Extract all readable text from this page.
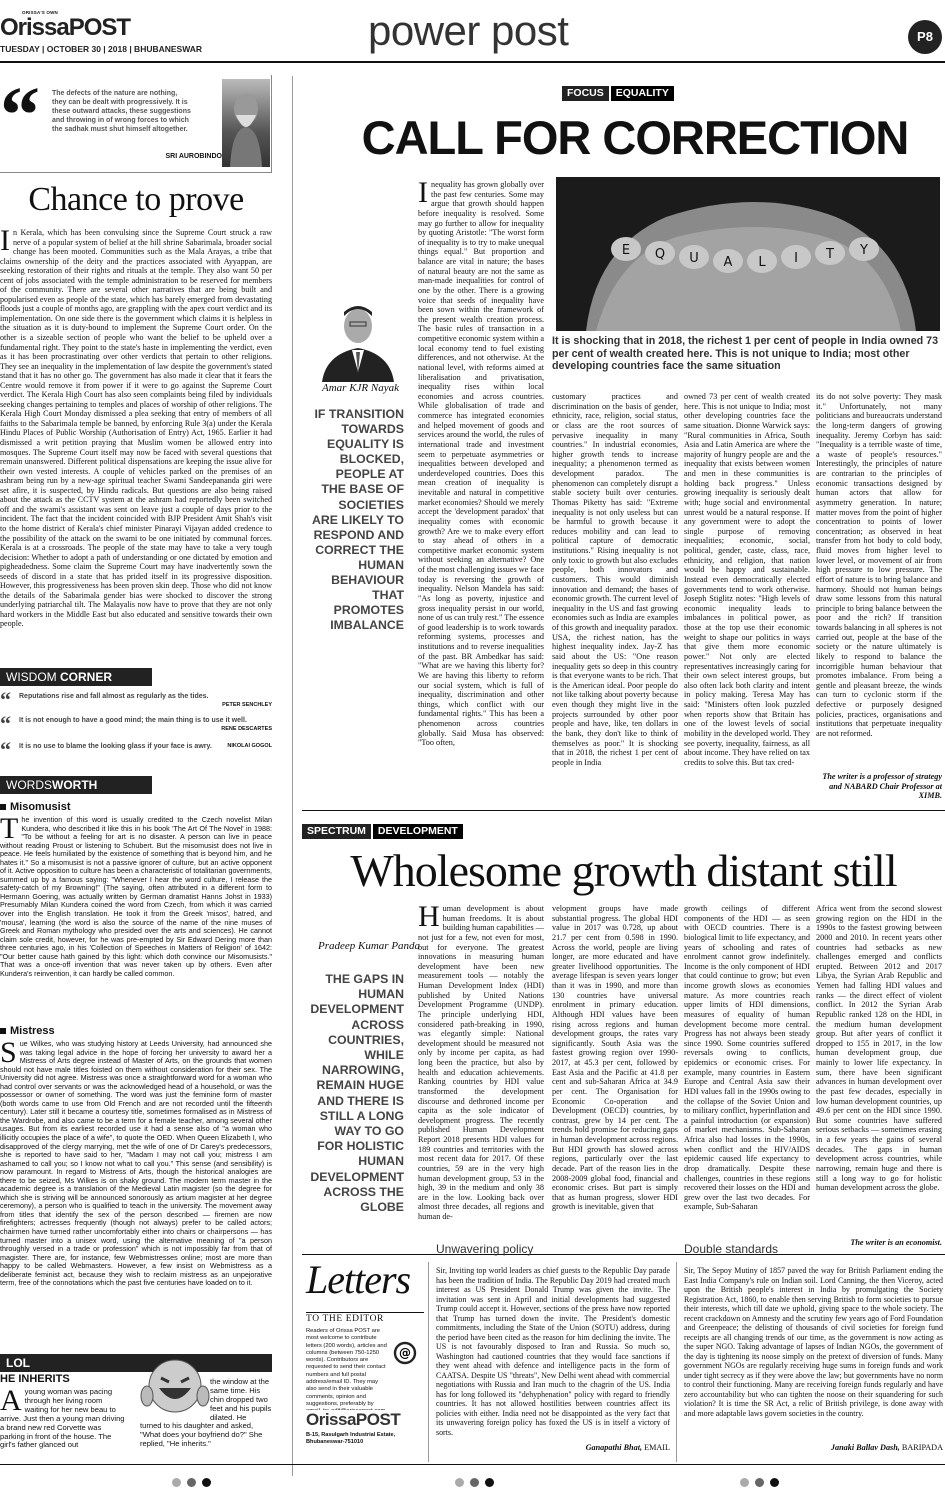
ORISSA'S OWN
OrissaPOST
TUESDAY | OCTOBER 30 | 2018 | BHUBANESWAR	power post	P8
“ The defects of the nature are nothing, they can be dealt with progressively. It is these outward attacks, these suggestions and throwing in of wrong forces to which the sadhak must shut himself altogether.
SRI AUROBINDO
Chance to prove

In Kerala, which has been convulsing since the Supreme Court struck a raw nerve of a popular system of belief at the hill shrine Sabarimala, broader social change has been mooted. Communities such as the Mala Arayas, a tribe that claims ownership of the deity and the practices associated with Ayyappan, are seeking restoration of their rights and rituals at the temple. They also want 50 per cent of jobs associated with the temple administration to be reserved for members of the community. There are several other narratives that are being built and popularised even as people of the state, which has barely emerged from devastating floods just a couple of months ago, are grappling with the apex court verdict and its implementation. On one side there is the government which claims it is helpless in the situation as it is duty-bound to implement the Supreme Court order. On the other is a sizeable section of people who want the belief to be upheld over a fundamental right. They point to the state's haste in implementing the verdict, even as it has been procrastinating over other verdicts that pertain to other religions. They see an inequality in the implementation of law despite the government's stated stand that it has no other go. The government has also made it clear that it fears the Centre would remove it from power if it were to go against the Supreme Court verdict. The Kerala High Court has also seen complaints being filed by individuals seeking changes pertaining to temples and places of worship of other religions. The Kerala High Court Monday dismissed a plea seeking that entry of members of all faiths to the Sabarimala temple be banned, by enforcing Rule 3(a) under the Kerala Hindu Places of Public Worship (Authorisation of Entry) Act, 1965. Earlier it had dismissed a writ petition praying that Muslim women be allowed entry into mosques. The Supreme Court itself may now be faced with several questions that remain unanswered. Different political dispensations are keeping the issue alive for their own vested interests. A couple of vehicles parked on the premises of an ashram being run by a new-age spiritual teacher Swami Sandeepananda giri were set afire, it is suspected, by Hindu radicals. But questions are also being raised about the attack as the CCTV system at the ashram had reportedly been switched off and the swami's assistant was sent on leave just a couple of days prior to the incident. The fact that the incident coincided with BJP President Amit Shah's visit to the home district of Kerala's chief minister Pinarayi Vijayan added credence to the possibility of the attack on the swami to be one initiated by communal forces. Kerala is at a crossroads. The people of the state may have to take a very tough decision: Whether to adopt a path of understanding or one dictated by emotion and pigheadedness. Some claim the Supreme Court may have inadvertently sown the seeds of discord in a state that has prided itself in its progressive disposition. However, this progressiveness has been proven skin deep. Those who did not know the details of the Sabarimala gender bias were shocked to discover the strong underlying patriarchal tilt. The Malayalis now have to prove that they are not only hard workers in the Middle East but also educated and sensitive towards their own people.

WISDOM CORNER
“ Reputations rise and fall almost as regularly as the tides.
PETER SENCHLEY
“ It is not enough to have a good mind; the main thing is to use it well.
RENE DESCARTES
“ It is no use to blame the looking glass if your face is awry.	NIKOLAI GOGOL
WORDSWORTH
Misomusist

The invention of this word is usually credited to the Czech novelist Milan Kundera, who described it like this in his book 'The Art Of The Novel' in 1988: "To be without a feeling for art is no disaster. A person can live in peace without reading Proust or listening to Schubert. But the misomusist does not live in peace. He feels humiliated by the existence of something that is beyond him, and he hates it." So a misomusist is not a passive ignorer of culture, but an active opponent of it. Active opposition to culture has been a characteristic of totalitarian governments, summed up by a famous saying: "Whenever I hear the word culture, I release the safety-catch of my Browning!" (The saying, often attributed in a different form to Hermann Goering, was actually written by German dramatist Hanns Johst in 1933) Presumably Milan Kundera coined the word from Czech, from which it was carried over into the English translation. He took it from the Greek 'misos', hatred, and 'mousa', learning (the word is also the source of the name of the nine muses of Greek and Roman mythology who presided over the arts and sciences). He cannot claim sole credit, however, for he was pre-empted by Sir Edward Dering more than three centuries ago, in his 'Collection of Speeches in Matters of Religion' of 1642: "Our better cause hath gained by this light: which doth convince our Misomusists." That was a once-off invention that was never taken up by others. Even after Kundera's reinvention, it can hardly be called common.

Mistress

Sue Wilkes, who was studying history at Leeds University, had announced she was taking legal advice in the hope of forcing her university to award her a Mistress of Arts degree instead of Master of Arts, on the grounds that women should not have male titles foisted on them without consideration for their sex. The University did not agree. Mistress was once a straightforward word for a woman who had control over servants or was the acknowledged head of a household, or was the possessor or owner of something. The word was just the feminine form of master (both words came to use from Old French and are not recorded until the fifteenth century). Later still it became a courtesy title, sometimes formalised as in Mistress of the Wardrobe, and also came to be a term for a female teacher, among several other usages. But from its earliest recorded use it had a sense also of "a woman who illicitly occupies the place of a wife", to quote the OED. When Queen Elizabeth I, who disapproved of the clergy marrying, met the wife of one of Dr Carey's predecessors, she is reported to have said to her, "Madam I may not call you; mistress I am ashamed to call you; so I know not what to call you." This sense (and sensibility) is now paramount. In regard to Mistress of Arts, though the historical analogies are there to be seized, Ms Wilkes is on shaky ground. The modern term master in the academic degree is a translation of the Medieval Latin magister (so the degree for which she is striving will be announced sonorously as artium magister at her degree ceremony), a person who is qualified to teach in the university. The movement away from titles that identify the sex of the person described — firemen are now firefighters; actresses frequently (though not always) prefer to be called actors; chairmen have turned rather uncomfortably either into chairs or chairpersons — has turned master into a unisex word, using the alternative meaning of "a person throughly versed in a trade or profession" which is not impossibly far from that of magister. There are, for instance, few Webmistresses online; most are more than happy to be called Webmasters. However, a few insist on Webmistress as a deliberate feminist act, because they wish to reclaim mistress as an unpejorative term, free of the connotations which the past five centuries have loaded on to it.

LOL
HE INHERITS

Ayoung woman was pacing through her living room waiting for her new beau to arrive. Just then a young man driving a brand new red Corvette was parking in front of the house. The girl's father glanced out

the window at the same time. His chin dropped two feet and his pupils dilated. He
turned to his daughter and asked, "What does your boyfriend do?" She replied, "He inherits."
FOCUS	EQUALITY
CALL FOR CORRECTION
E Q U A L I T Y
It is shocking that in 2018, the richest 1 per cent of people in India owned 73 per cent of wealth created here. This is not unique to India; most other developing countries face the same situation
Amar KJR Nayak
IF TRANSITION TOWARDS EQUALITY IS BLOCKED, PEOPLE AT THE BASE OF SOCIETIES ARE LIKELY TO RESPOND AND CORRECT THE HUMAN BEHAVIOUR THAT PROMOTES IMBALANCE

Inequality has grown globally over the past few centuries. Some may argue that growth should happen before inequality is resolved. Some may go further to allow for inequality by quoting Aristotle: "The worst form of inequality is to try to make unequal things equal." But proportion and balance are vital in nature; the bases of natural beauty are not the same as man-made inequalities for control of one by the other. There is a growing voice that seeds of inequality have been sown within the framework of the present wealth creation process. The basic rules of transaction in a competitive economic system within a local economy tend to fuel existing differences, and not otherwise. At the national level, with reforms aimed at liberalisation and privatisation, inequality rises within local economies and across countries. While globalisation of trade and commerce has integrated economies and helped movement of goods and services around the world, the rules of international trade and investment seem to perpetuate asymmetries or inequalities between developed and underdeveloped countries. Does this mean creation of inequality is inevitable and natural in competitive market economies? Should we merely accept the 'development paradox' that inequality comes with economic growth? Are we to make every effort to stay ahead of others in a competitive market economic system without seeking an alternative? One of the most challenging issues we face today is reversing the growth of inequality. Nelson Mandela has said: "As long as poverty, injustice and gross inequality persist in our world, none of us can truly rest." The essence of good leadership is to work towards reforming systems, processes and institutions and to reverse inequalities of the past. BR Ambedkar has said: "What are we having this liberty for? We are having this liberty to reform our social system, which is full of inequality, discrimination and other things, which conflict with our fundamental rights." This has been a phenomenon across countries globally. Said Musa has observed: "Too often,

customary practices and discrimination on the basis of gender, ethnicity, race, religion, social status, or class are the root sources of pervasive inequality in many countries." In industrial economies, higher growth tends to increase inequality; a phenomenon termed as development paradox. The phenomenon can completely disrupt a stable society built over centuries. Thomas Piketty has said: "Extreme inequality is not only useless but can be harmful to growth because it reduces mobility and can lead to political capture of democratic institutions." Rising inequality is not only toxic to growth but also excludes people, both innovators and customers. This would diminish innovation and demand; the bases of economic growth. The current level of inequality in the US and fast growing economies such as India are examples of this growth and inequality paradox. USA, the richest nation, has the highest inequality index. Jay-Z has said about the US: "One reason inequality gets so deep in this country is that everyone wants to be rich. That is the American ideal. Poor people do not like talking about poverty because even though they might live in the projects surrounded by other poor people and have, like, ten dollars in the bank, they don't like to think of themselves as poor." It is shocking that in 2018, the richest 1 per cent of people in India

owned 73 per cent of wealth created here. This is not unique to India; most other developing countries face the same situation. Dionne Warwick says: "Rural communities in Africa, South Asia and Latin America are where the majority of hungry people are and the inequality that exists between women and men in these communities is holding back progress." Unless growing inequality is seriously dealt with; huge social and environmental unrest would be a natural response. If any government were to adopt the single purpose of removing inequalities; economic, social, political, gender, caste, class, race, ethnicity, and religion, that nation would be happy and sustainable. Instead even democratically elected governments tend to work otherwise. Joseph Stiglitz notes: "High levels of economic inequality leads to imbalances in political power, as those at the top use their economic weight to shape our politics in ways that give them more economic power." Not only are elected representatives increasingly caring for their own select interest groups, but also often lack both clarity and intent in policy making. Teresa May has said: "Ministers often look puzzled when reports show that Britain has one of the lowest levels of social mobility in the developed world. They see poverty, inequality, fairness, as all about income. They have relied on tax credits to solve this. But tax cred-

its do not solve poverty: They mask it." Unfortunately, not many politicians and bureaucrats understand the long-term dangers of growing inequality. Jeremy Corbyn has said: "Inequality is a terrible waste of time, a waste of people's resources." Interestingly, the principles of nature are contrarian to the principles of economic transactions designed by human actors that allow for asymmetry generation. In nature; matter moves from the point of higher concentration to points of lower concentration; as observed in heat transfer from hot body to cold body, fluid moves from higher level to lower level, or movement of air from high pressure to low pressure. The effort of nature is to bring balance and harmony. Should not human beings draw some lessons from this natural principle to bring balance between the poor and the rich? If transition towards balancing in all spheres is not carried out, people at the base of the society or the nature ultimately is likely to respond to balance the incorrigible human behaviour that promotes imbalance. From being a gentle and pleasant breeze, the winds can turn to cyclonic storm if the defective or purposely designed policies, practices, organisations and institutions that perpetuate inequality are not reformed.

The writer is a professor of strategy and NABARD Chair Professor at XIMB.
SPECTRUM	DEVELOPMENT
Wholesome growth distant still
Pradeep Kumar Panda
THE GAPS IN HUMAN DEVELOPMENT ACROSS COUNTRIES, WHILE NARROWING, REMAIN HUGE AND THERE IS STILL A LONG WAY TO GO FOR HOLISTIC HUMAN DEVELOPMENT ACROSS THE GLOBE

Human development is about human freedoms. It is about building human capabilities — not just for a few, not even for most, but for everyone. The greatest innovations in measuring human development have been new measurement tools — notably the Human Development Index (HDI) published by United Nations Development Programme (UNDP). The principle underlying HDI, considered path-breaking in 1990, was elegantly simple: National development should be measured not only by income per capita, as had long been the practice, but also by health and education achievements. Ranking countries by HDI value transformed the development discourse and dethroned income per capita as the sole indicator of development progress. The recently published Human Development Report 2018 presents HDI values for 189 countries and territories with the most recent data for 2017. Of these countries, 59 are in the very high human development group, 53 in the high, 39 in the medium and only 38 are in the low. Looking back over almost three decades, all regions and human de-

velopment groups have made substantial progress. The global HDI value in 2017 was 0.728, up about 21.7 per cent from 0.598 in 1990. Across the world, people are living longer, are more educated and have greater livelihood opportunities. The average lifespan is seven years longer than it was in 1990, and more than 130 countries have universal enrolment in primary education. Although HDI values have been rising across regions and human development groups, the rates vary significantly. South Asia was the fastest growing region over 1990-2017, at 45.3 per cent, followed by East Asia and the Pacific at 41.8 per cent and sub-Saharan Africa at 34.9 per cent. The Organisation for Economic Co-operation and Development (OECD) countries, by contrast, grew by 14 per cent. The trends hold promise for reducing gaps in human development across regions. But HDI growth has slowed across regions, particularly over the last decade. Part of the reason lies in the 2008-2009 global food, financial and economic crises. But part is simply that as human progress, slower HDI growth is inevitable, given that

growth ceilings of different components of the HDI — as seen with OECD countries. There is a biological limit to life expectancy, and years of schooling and rates of enrolment cannot grow indefinitely. Income is the only component of HDI that could continue to grow; but even income growth slows as economies mature. As more countries reach upper limits of HDI dimensions, measures of equality of human development become more central. Progress has not always been steady since 1990. Some countries suffered reversals owing to conflicts, epidemics or economic crises. For example, many countries in Eastern Europe and Central Asia saw their HDI values fall in the 1990s owing to the collapse of the Soviet Union and to military conflict, hyperinflation and a painful introduction (or expansion) of market mechanisms. Sub-Saharan Africa also had losses in the 1990s, when conflict and the HIV/AIDS epidemic caused life expectancy to drop dramatically. Despite these challenges, countries in these regions recovered their losses on the HDI and grew over the last two decades. For example, Sub-Saharan

Africa went from the second slowest growing region on the HDI in the 1990s to the fastest growing between 2000 and 2010. In recent years other countries had setbacks as new challenges emerged and conflicts erupted. Between 2012 and 2017 Libya, the Syrian Arab Republic and Yemen had falling HDI values and ranks — the direct effect of violent conflict. In 2012 the Syrian Arab Republic ranked 128 on the HDI, in the medium human development group. But after years of conflict it dropped to 155 in 2017, in the low human development group, due mainly to lower life expectancy. In sum, there have been significant advances in human development over the past few decades, especially in low human development countries, up 49.6 per cent on the HDI since 1990. But some countries have suffered serious setbacks — sometimes erasing in a few years the gains of several decades. The gaps in human development across countries, while narrowing, remain huge and there is still a long way to go for holistic human development across the globe.

The writer is an economist.
Letters
TO THE EDITOR
Readers of Orissa POST are most welcome to contribute letters (200 words), articles and columns (between 750-1250 words). Contributors are requested to send their contact numbers and full postal address/email ID. They may also send in their valuable comments, opinion and suggestions, preferably by
@
OrissaPOST
B-15, Rasulgarh Industrial Estate, Bhubaneswar-751010
Unwavering policy
Sir, Inviting top world leaders as chief guests to the Republic Day parade has been the tradition of India. The Republic Day 2019 had created much interest as US President Donald Trump was given the invite. The invitation was sent in April and initial developments had suggested Trump could accept it. However, sections of the press have now reported that Trump has turned down the invite. The President's domestic commitments, including the State of the Union (SOTU) address, during the period have been cited as the reason for him declining the invite. The US is not favourably disposed to Iran and Russia. So much so, Washington had cautioned countries that they would face sanctions if they went ahead with defence and intelligence pacts in the form of CAATSA. Despite US "threats", New Delhi went ahead with commercial negotiations with Russia and Iran much to the chagrin of the US. India has for long followed its "dehyphenation" policy with regard to friendly countries. It has not allowed hostilities between countries affect its policies with either. India need not be disappointed as the very fact that its unwavering foreign policy has foxed the US is in itself a victory of sorts.
Ganapathi Bhat, EMAIL
Double standards
Sir, The Sepoy Mutiny of 1857 paved the way for British Parliament ending the East India Company's rule on Indian soil. Lord Canning, the then Viceroy, acted upon the British people's interest in India by promulgating the Society Registration Act, 1860, to enable then serving British to form societies to pursue their interests, which till date we uphold, giving space to the whole society. The recent crackdown on Amnesty and the scrutiny few years ago of Ford Foundation and Greenpeace; the delisting of thousands of civil societies for foreign fund receipts are all changing trends of our time, as the government is now acting as the super NGO. Taking advantage of lapses of Indian NGOs, the government of the day is tightening its noose simply on the pretext of diversion of funds. Many government NGOs are regularly receiving huge sums in foreign funds and work under tight secrecy as if they were above the law; but governments have no norm to control their functioning. Many are receiving foreign funds regularly and have zero accountability but who can tighten the noose on their squandering for such violation? It is time the SR Act, a relic of British privilege, is done away with and more adaptable laws govern societies in the country.
Janaki Ballav Dash, BARIPADA
